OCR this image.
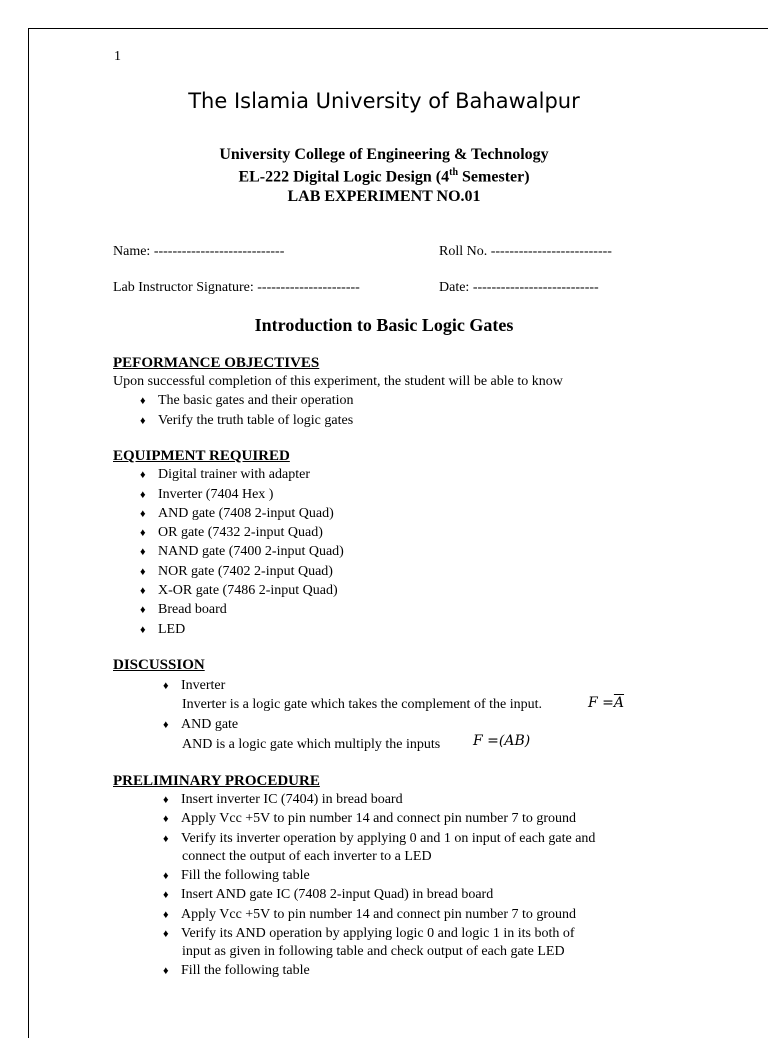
1
The Islamia University of Bahawalpur
University College of Engineering & Technology
EL-222 Digital Logic Design (4th Semester)
LAB EXPERIMENT NO.01
Name: ----------------------------	Roll No. --------------------------
Lab Instructor Signature: ----------------------	Date: ---------------------------
Introduction to Basic Logic Gates
PEFORMANCE OBJECTIVES
Upon successful completion of this experiment, the student will be able to know
♦ The basic gates and their operation
♦ Verify the truth table of logic gates
EQUIPMENT REQUIRED
♦ Digital trainer with adapter
♦ Inverter (7404 Hex )
♦ AND gate (7408 2-input Quad)
♦ OR gate (7432 2-input Quad)
♦ NAND gate (7400 2-input Quad)
♦ NOR gate (7402 2-input Quad)
♦ X-OR gate (7486 2-input Quad)
♦ Bread board
♦ LED
DISCUSSION
♦ Inverter
Inverter is a logic gate which takes the complement of the input.	$F =\overline{A}$
♦ AND gate
AND is a logic gate which multiply the inputs F =(AB)
PRELIMINARY PROCEDURE
♦ Insert inverter IC (7404) in bread board
♦ Apply Vcc +5V to pin number 14 and connect pin number 7 to ground
♦ Verify its inverter operation by applying 0 and 1 on input of each gate and
connect the output of each inverter to a LED
♦ Fill the following table
♦ Insert AND gate IC (7408 2-input Quad) in bread board
♦ Apply Vcc +5V to pin number 14 and connect pin number 7 to ground
♦ Verify its AND operation by applying logic 0 and logic 1 in its both of
input as given in following table and check output of each gate LED
♦ Fill the following table
